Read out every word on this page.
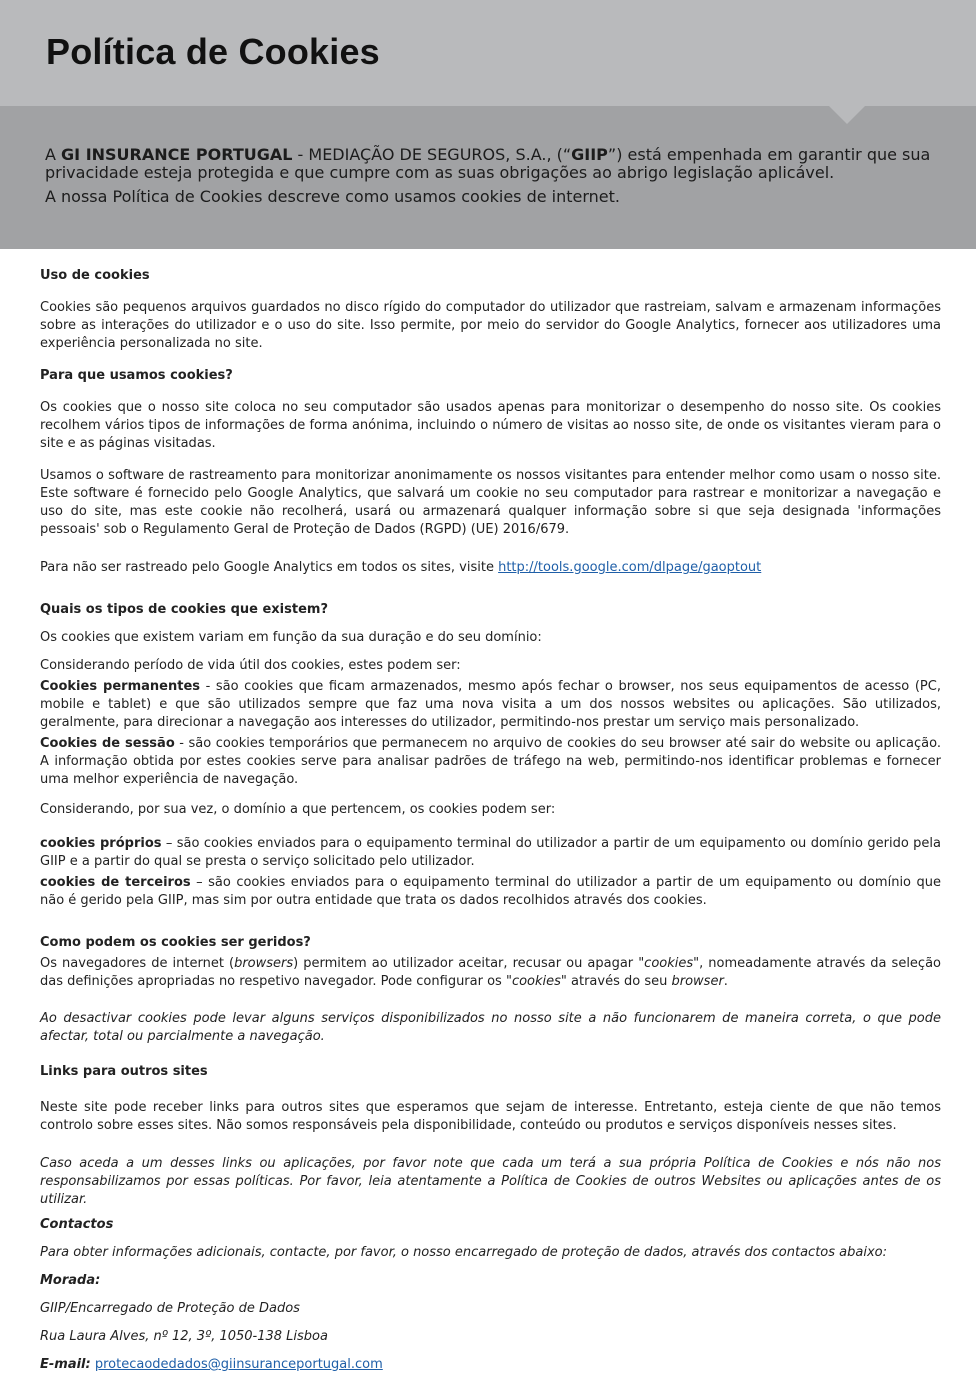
Política de Cookies

A GI INSURANCE PORTUGAL - MEDIAÇÃO DE SEGUROS, S.A., (“GIIP”) está empenhada em garantir que sua privacidade esteja protegida e que cumpre com as suas obrigações ao abrigo legislação aplicável.

A nossa Política de Cookies descreve como usamos cookies de internet.

Uso de cookies

Cookies são pequenos arquivos guardados no disco rígido do computador do utilizador que rastreiam, salvam e armazenam informações sobre as interações do utilizador e o uso do site. Isso permite, por meio do servidor do Google Analytics, fornecer aos utilizadores uma experiência personalizada no site.

Para que usamos cookies?

Os cookies que o nosso site coloca no seu computador são usados apenas para monitorizar o desempenho do nosso site. Os cookies recolhem vários tipos de informações de forma anónima, incluindo o número de visitas ao nosso site, de onde os visitantes vieram para o site e as páginas visitadas.

Usamos o software de rastreamento para monitorizar anonimamente os nossos visitantes para entender melhor como usam o nosso site. Este software é fornecido pelo Google Analytics, que salvará um cookie no seu computador para rastrear e monitorizar a navegação e uso do site, mas este cookie não recolherá, usará ou armazenará qualquer informação sobre si que seja designada 'informações pessoais' sob o Regulamento Geral de Proteção de Dados (RGPD) (UE) 2016/679.

Para não ser rastreado pelo Google Analytics em todos os sites, visite http://tools.google.com/dlpage/gaoptout

Quais os tipos de cookies que existem?

Os cookies que existem variam em função da sua duração e do seu domínio:

Considerando período de vida útil dos cookies, estes podem ser:

Cookies permanentes - são cookies que ficam armazenados, mesmo após fechar o browser, nos seus equipamentos de acesso (PC, mobile e tablet) e que são utilizados sempre que faz uma nova visita a um dos nossos websites ou aplicações. São utilizados, geralmente, para direcionar a navegação aos interesses do utilizador, permitindo-nos prestar um serviço mais personalizado.

Cookies de sessão - são cookies temporários que permanecem no arquivo de cookies do seu browser até sair do website ou aplicação. A informação obtida por estes cookies serve para analisar padrões de tráfego na web, permitindo-nos identificar problemas e fornecer uma melhor experiência de navegação.

Considerando, por sua vez, o domínio a que pertencem, os cookies podem ser:

cookies próprios – são cookies enviados para o equipamento terminal do utilizador a partir de um equipamento ou domínio gerido pela GIIP e a partir do qual se presta o serviço solicitado pelo utilizador.

cookies de terceiros – são cookies enviados para o equipamento terminal do utilizador a partir de um equipamento ou domínio que não é gerido pela GIIP, mas sim por outra entidade que trata os dados recolhidos através dos cookies.

Como podem os cookies ser geridos?

Os navegadores de internet (browsers) permitem ao utilizador aceitar, recusar ou apagar "cookies", nomeadamente através da seleção das definições apropriadas no respetivo navegador. Pode configurar os "cookies" através do seu browser.

Ao desactivar cookies pode levar alguns serviços disponibilizados no nosso site a não funcionarem de maneira correta, o que pode afectar, total ou parcialmente a navegação.

Links para outros sites

Neste site pode receber links para outros sites que esperamos que sejam de interesse. Entretanto, esteja ciente de que não temos controlo sobre esses sites. Não somos responsáveis pela disponibilidade, conteúdo ou produtos e serviços disponíveis nesses sites.

Caso aceda a um desses links ou aplicações, por favor note que cada um terá a sua própria Política de Cookies e nós não nos responsabilizamos por essas políticas. Por favor, leia atentamente a Política de Cookies de outros Websites ou aplicações antes de os utilizar.

Contactos

Para obter informações adicionais, contacte, por favor, o nosso encarregado de proteção de dados, através dos contactos abaixo:

Morada:

GIIP/Encarregado de Proteção de Dados

Rua Laura Alves, nº 12, 3º, 1050-138 Lisboa

E-mail: protecaodedados@giinsuranceportugal.com
